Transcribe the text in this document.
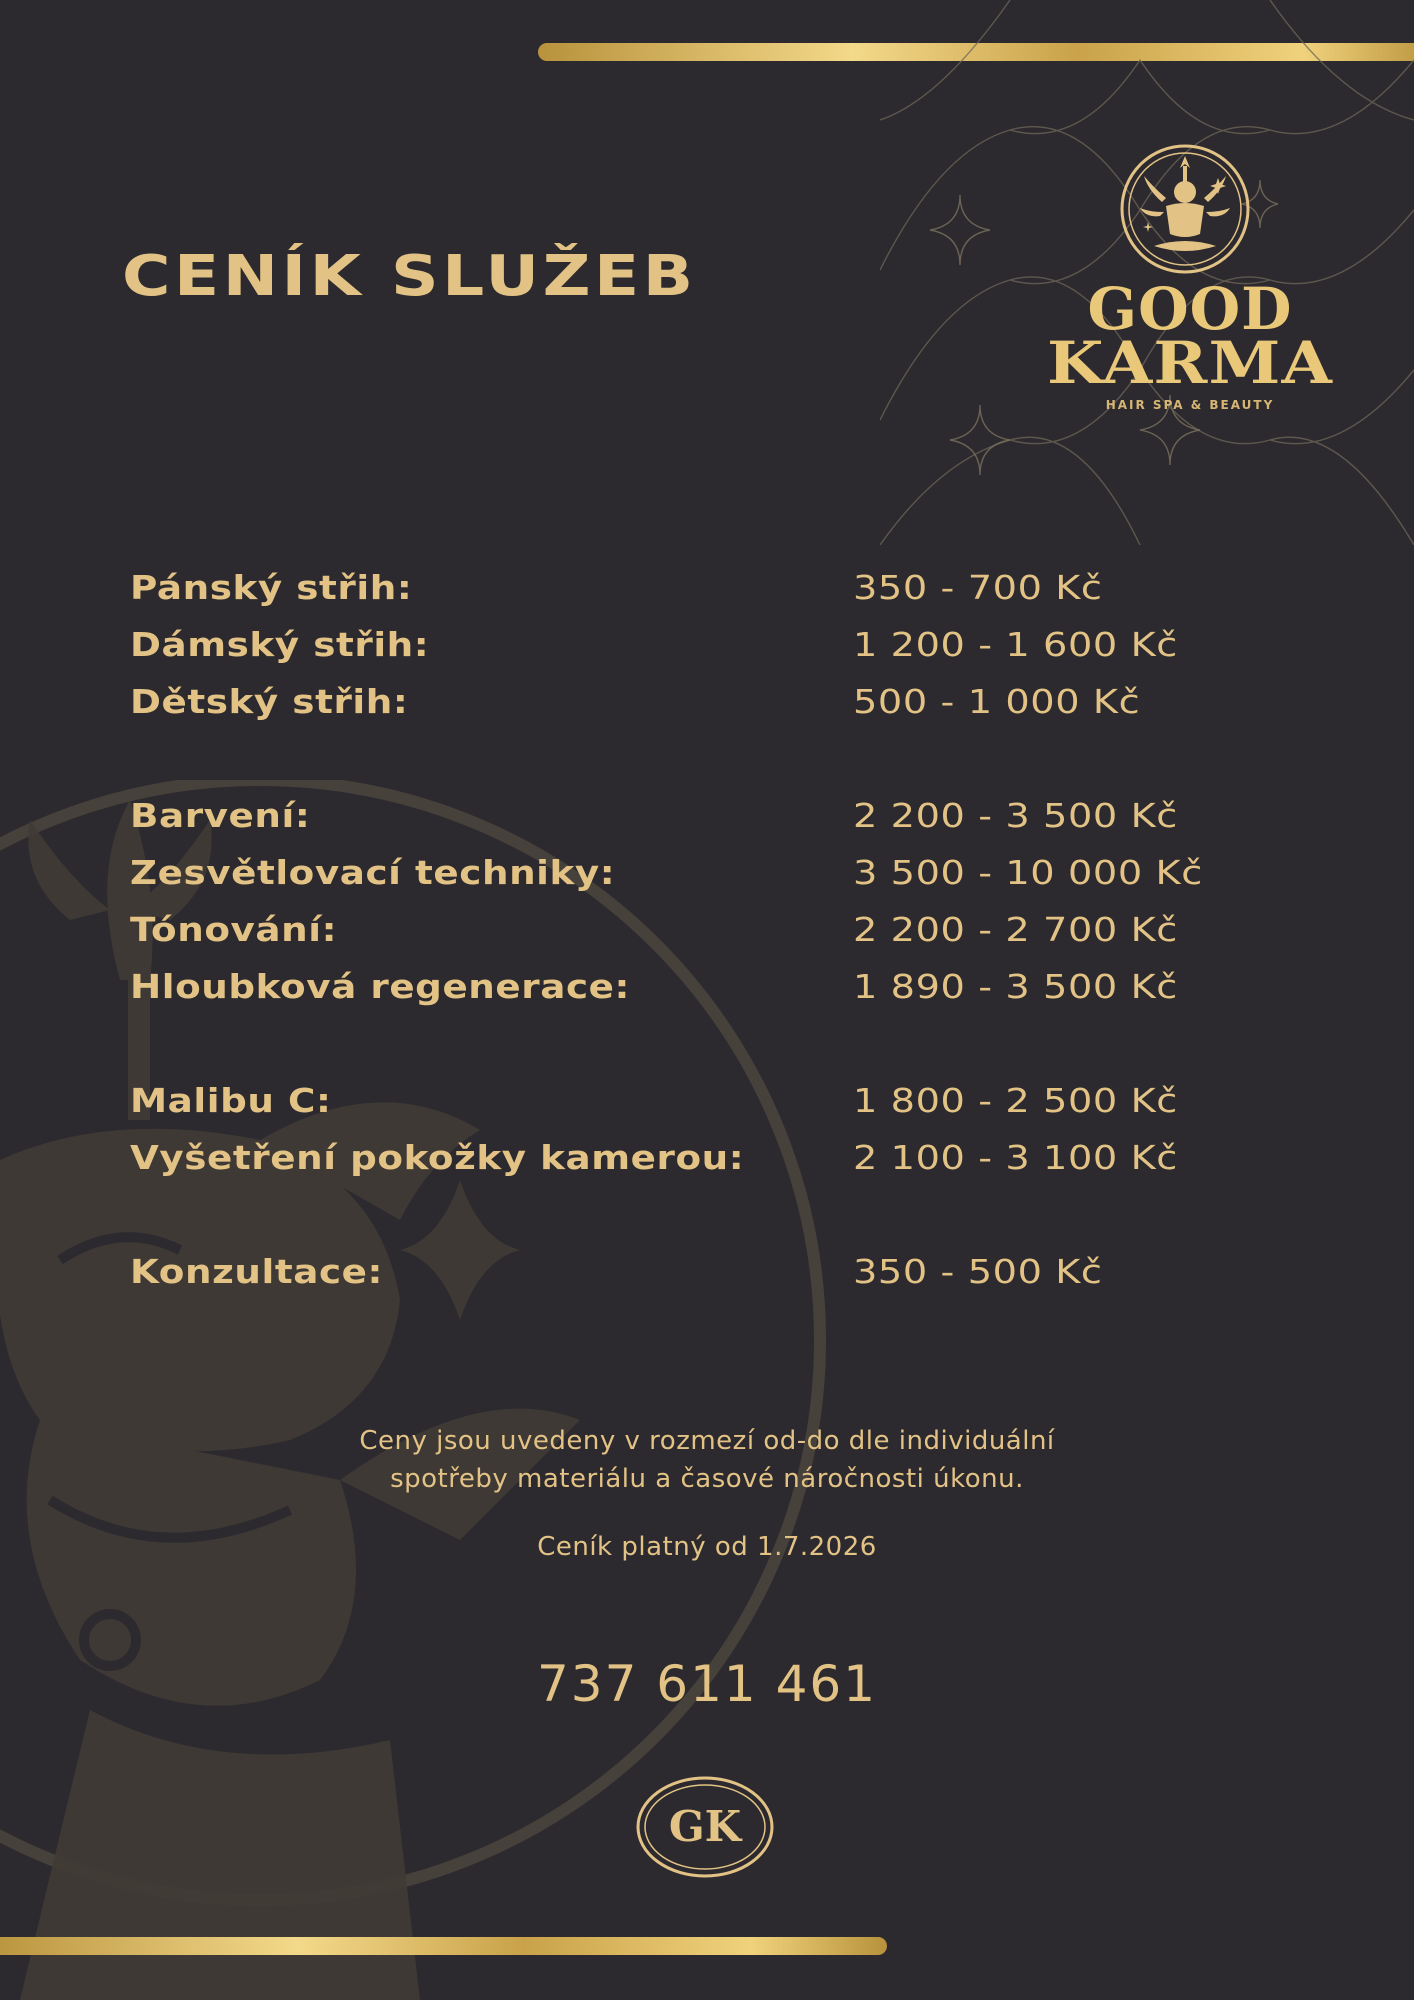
CENÍK SLUŽEB	GOOD
KARMA
HAIR SPA & BEAUTY
Pánský střih:	350 - 700 Kč
Dámský střih:	1 200 - 1 600 Kč
Dětský střih:	500 - 1 000 Kč
Barvení:	2 200 - 3 500 Kč
Zesvětlovací techniky:	3 500 - 10 000 Kč
Tónování:	2 200 - 2 700 Kč
Hloubková regenerace:	1 890 - 3 500 Kč
Malibu C:	1 800 - 2 500 Kč
Vyšetření pokožky kamerou:	2 100 - 3 100 Kč
Konzultace:	350 - 500 Kč
Ceny jsou uvedeny v rozmezí od-do dle individuální
spotřeby materiálu a časové náročnosti úkonu.
Ceník platný od 1.7.2026
737 611 461
GK
